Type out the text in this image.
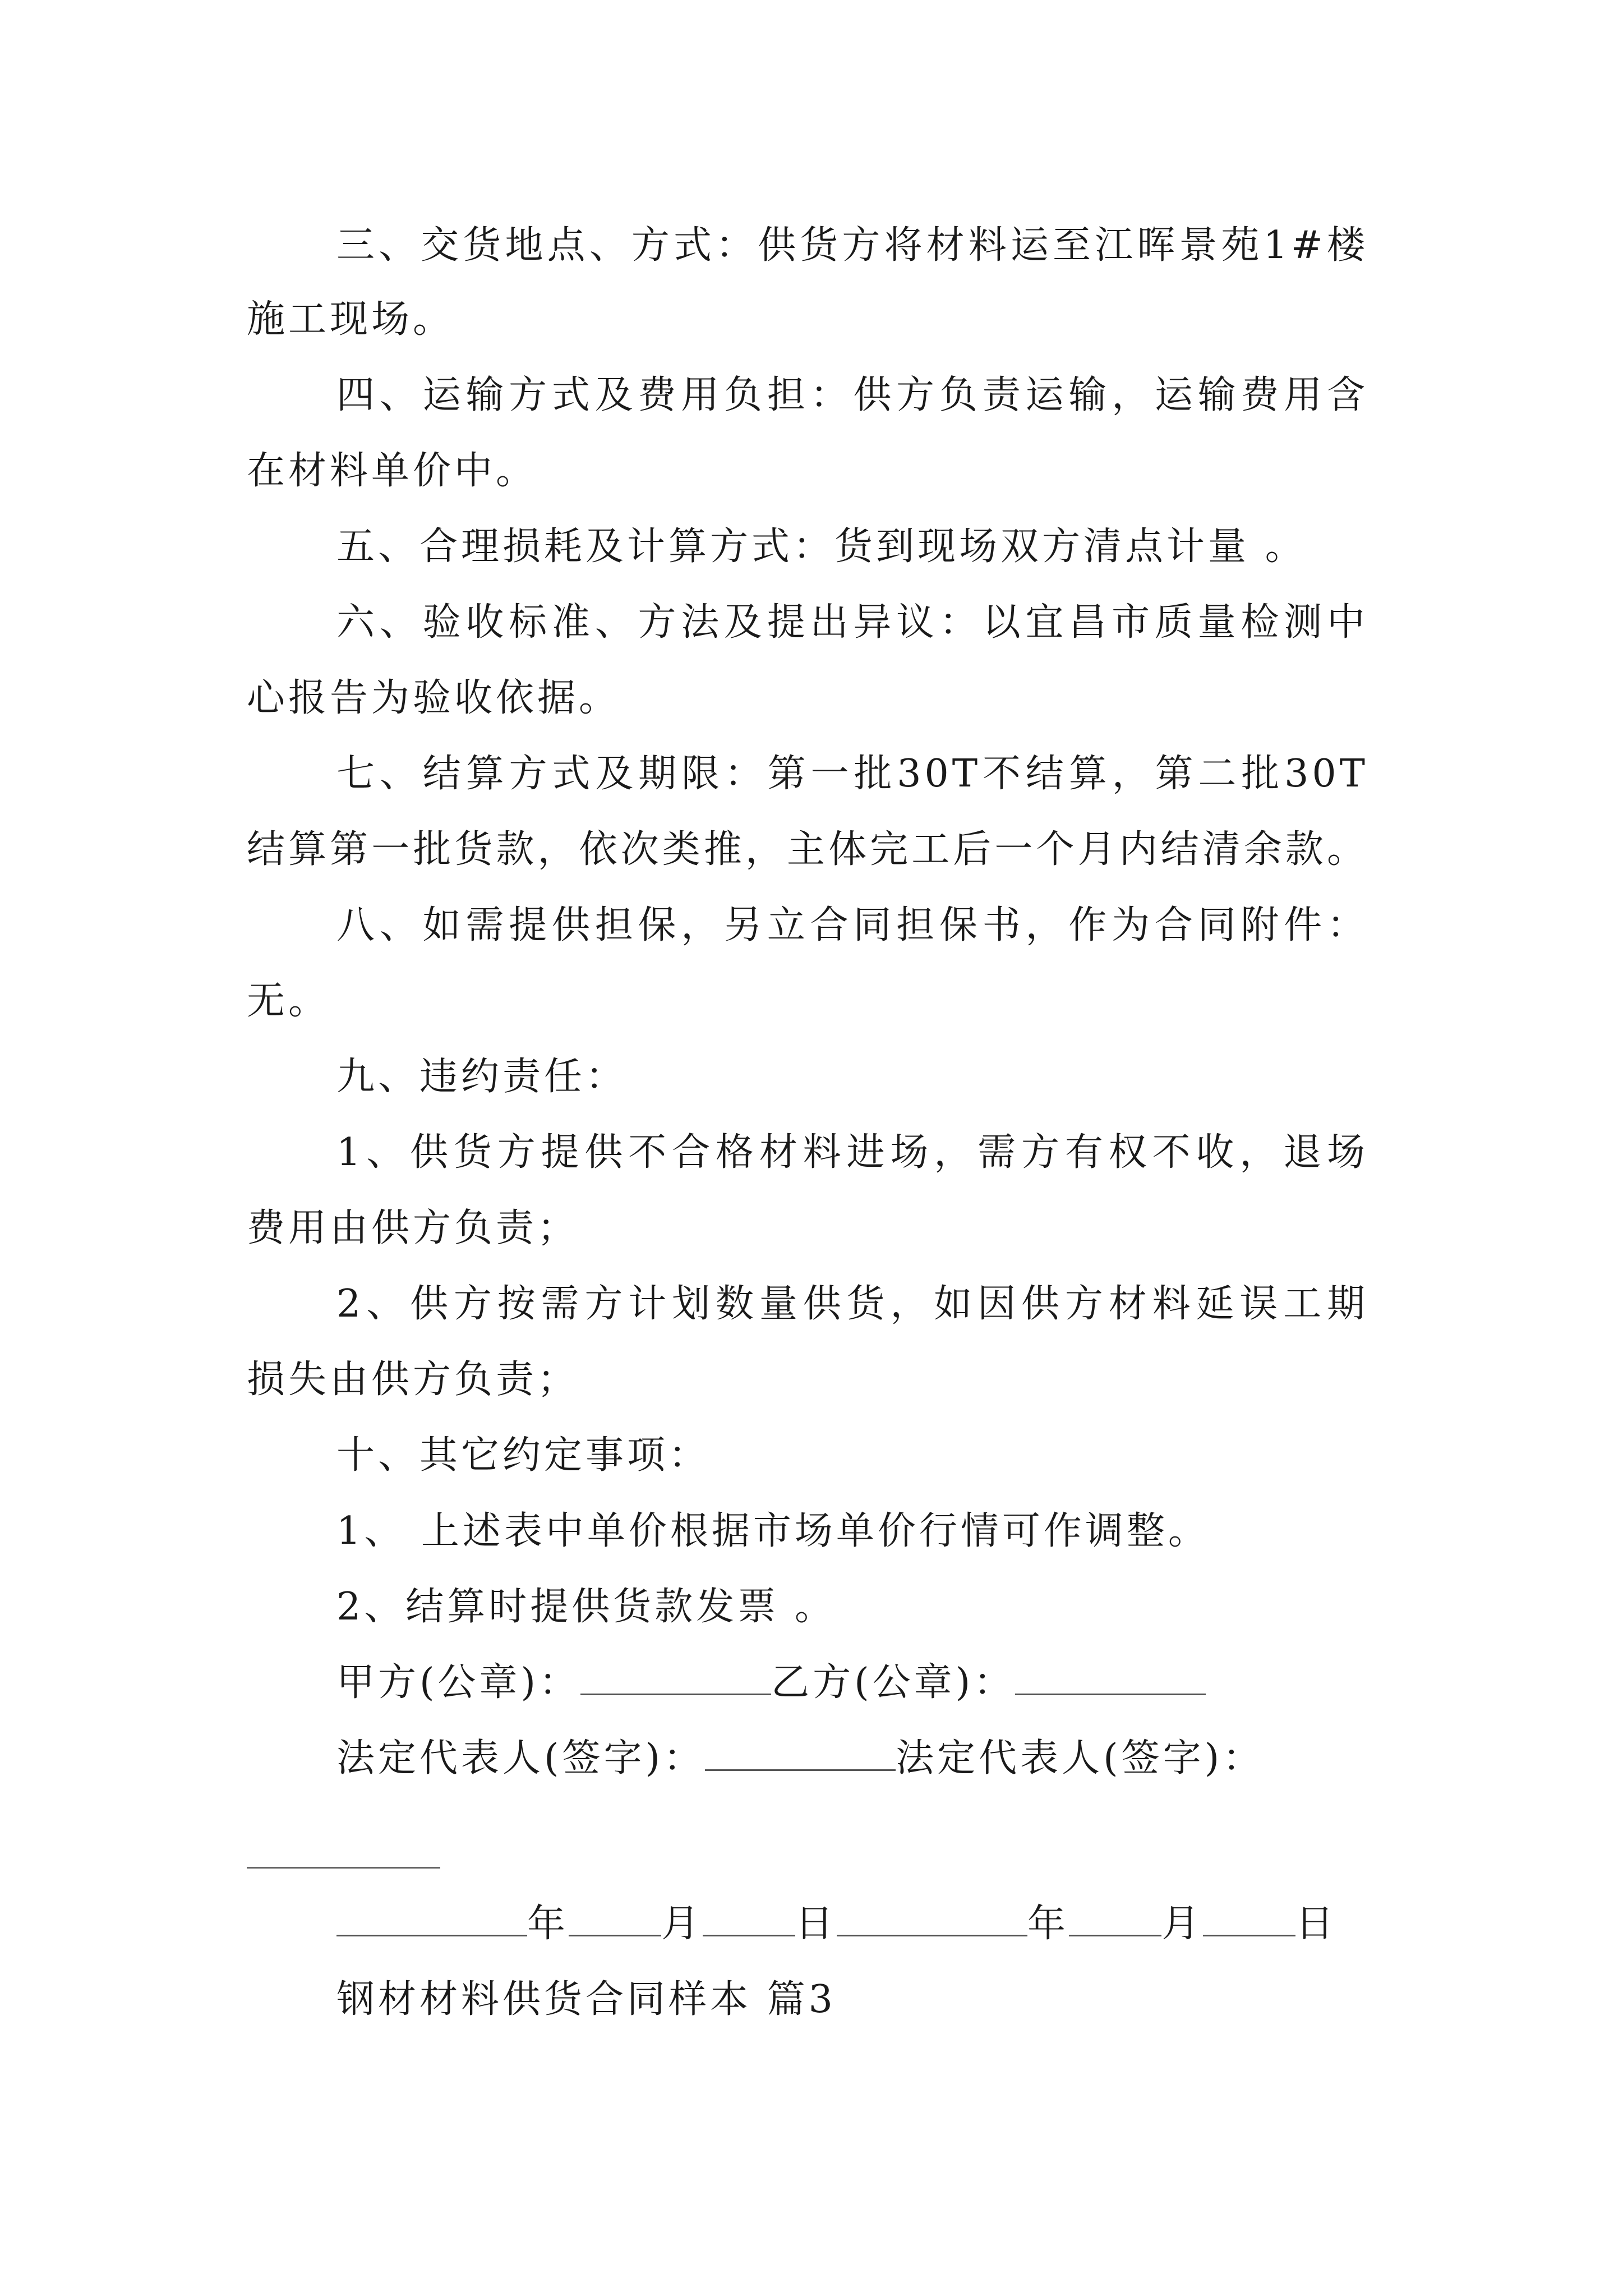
三、交货地点、方式：供货方将材料运至江晖景苑1#楼
施工现场。
四、运输方式及费用负担：供方负责运输，运输费用含
在材料单价中。
五、合理损耗及计算方式：货到现场双方清点计量 。
六、验收标准、方法及提出异议：以宜昌市质量检测中
心报告为验收依据。
七、结算方式及期限：第一批30T不结算，第二批30T
结算第一批货款，依次类推，主体完工后一个月内结清余款。
八、如需提供担保，另立合同担保书，作为合同附件：
无。
九、违约责任：
1、供货方提供不合格材料进场，需方有权不收，退场
费用由供方负责；
2、供方按需方计划数量供货，如因供方材料延误工期
损失由供方负责；
十、其它约定事项：
1、 上述表中单价根据市场单价行情可作调整。
2、结算时提供货款发票 。
甲方(公章)：	乙方(公章)：
法定代表人(签字)：	法定代表人(签字)：
年 月 日	年 月 日
钢材材料供货合同样本 篇3
